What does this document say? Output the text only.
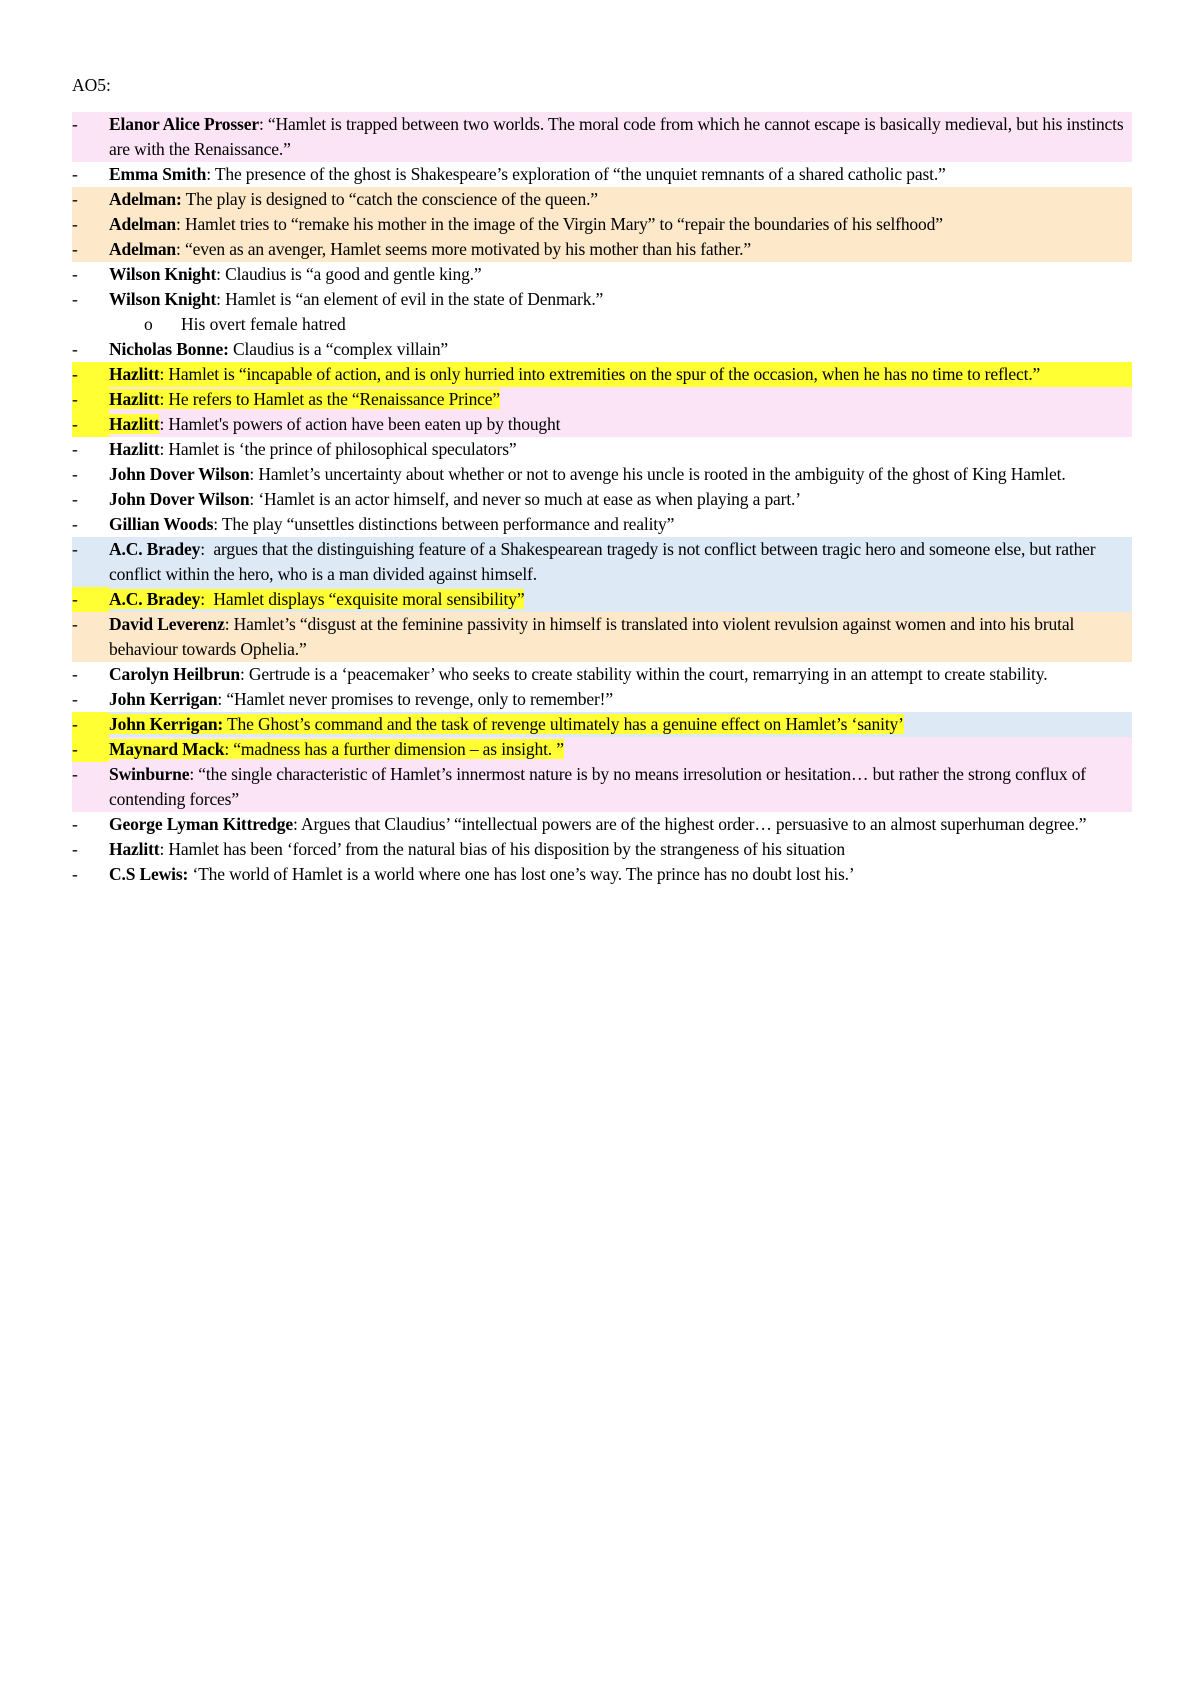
AO5:
-	Elanor Alice Prosser: “Hamlet is trapped between two worlds. The moral code from which he cannot escape is basically medieval, but his instincts are with the Renaissance.”
-	Emma Smith: The presence of the ghost is Shakespeare’s exploration of “the unquiet remnants of a shared catholic past.”
-	Adelman: The play is designed to “catch the conscience of the queen.”
-	Adelman: Hamlet tries to “remake his mother in the image of the Virgin Mary” to “repair the boundaries of his selfhood”
-	Adelman: “even as an avenger, Hamlet seems more motivated by his mother than his father.”
-	Wilson Knight: Claudius is “a good and gentle king.”
-	Wilson Knight: Hamlet is “an element of evil in the state of Denmark.”
o	His overt female hatred
-	Nicholas Bonne: Claudius is a “complex villain”
-	Hazlitt: Hamlet is “incapable of action, and is only hurried into extremities on the spur of the occasion, when he has no time to reflect.”
-	Hazlitt: He refers to Hamlet as the “Renaissance Prince”
-	Hazlitt: Hamlet's powers of action have been eaten up by thought
-	Hazlitt: Hamlet is ‘the prince of philosophical speculators”
-	John Dover Wilson: Hamlet’s uncertainty about whether or not to avenge his uncle is rooted in the ambiguity of the ghost of King Hamlet.
-	John Dover Wilson: ‘Hamlet is an actor himself, and never so much at ease as when playing a part.’
-	Gillian Woods: The play “unsettles distinctions between performance and reality”
-	A.C. Bradey:  argues that the distinguishing feature of a Shakespearean tragedy is not conflict between tragic hero and someone else, but rather conflict within the hero, who is a man divided against himself.
-	A.C. Bradey:  Hamlet displays “exquisite moral sensibility”
-	David Leverenz: Hamlet’s “disgust at the feminine passivity in himself is translated into violent revulsion against women and into his brutal behaviour towards Ophelia.”
-	Carolyn Heilbrun: Gertrude is a ‘peacemaker’ who seeks to create stability within the court, remarrying in an attempt to create stability.
-	John Kerrigan: “Hamlet never promises to revenge, only to remember!”
-	John Kerrigan: The Ghost’s command and the task of revenge ultimately has a genuine effect on Hamlet’s ‘sanity’
-	Maynard Mack: “madness has a further dimension – as insight. ”
-	Swinburne: “the single characteristic of Hamlet’s innermost nature is by no means irresolution or hesitation… but rather the strong conflux of contending forces”
-	George Lyman Kittredge: Argues that Claudius’ “intellectual powers are of the highest order… persuasive to an almost superhuman degree.”
-	Hazlitt: Hamlet has been ‘forced’ from the natural bias of his disposition by the strangeness of his situation
-	C.S Lewis: ‘The world of Hamlet is a world where one has lost one’s way. The prince has no doubt lost his.’
